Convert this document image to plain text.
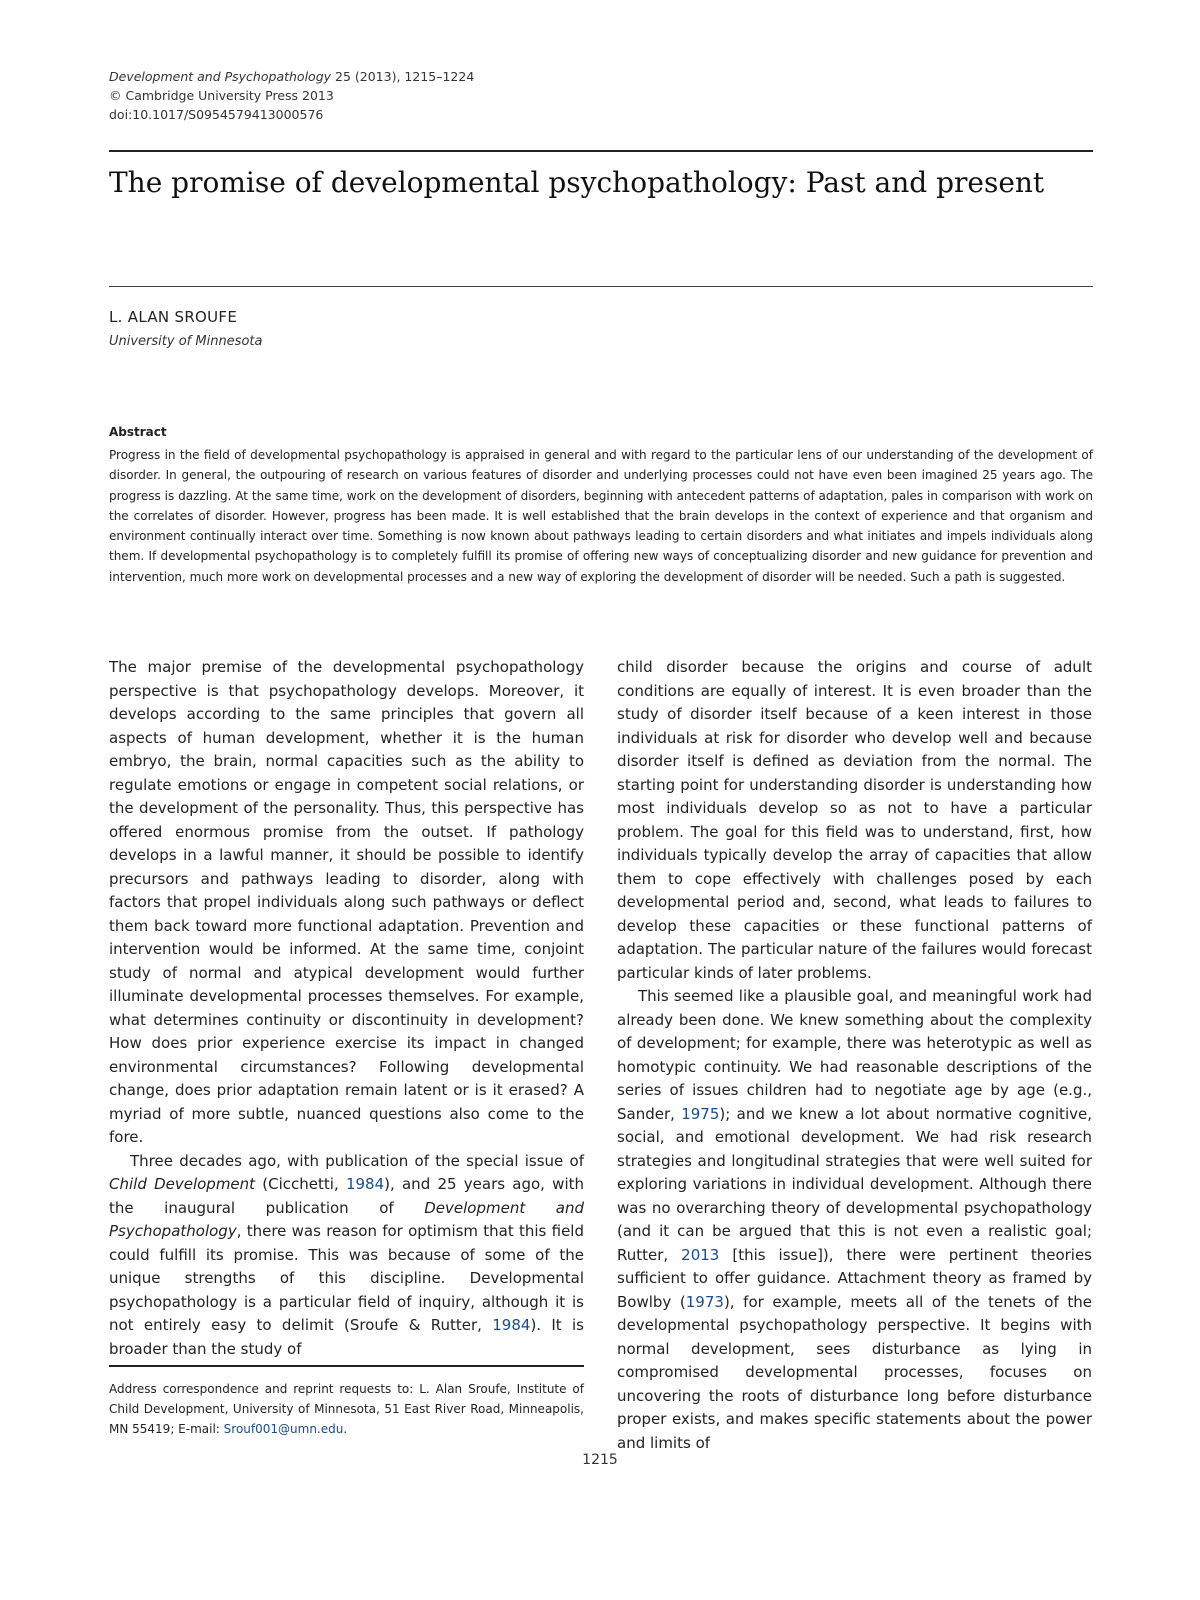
Development and Psychopathology 25 (2013), 1215–1224
© Cambridge University Press 2013
doi:10.1017/S0954579413000576
The promise of developmental psychopathology: Past and present
L. ALAN SROUFE
University of Minnesota
Abstract
Progress in the field of developmental psychopathology is appraised in general and with regard to the particular lens of our understanding of the development of disorder. In general, the outpouring of research on various features of disorder and underlying processes could not have even been imagined 25 years ago. The progress is dazzling. At the same time, work on the development of disorders, beginning with antecedent patterns of adaptation, pales in comparison with work on the correlates of disorder. However, progress has been made. It is well established that the brain develops in the context of experience and that organism and environment continually interact over time. Something is now known about pathways leading to certain disorders and what initiates and impels individuals along them. If developmental psychopathology is to completely fulfill its promise of offering new ways of conceptualizing disorder and new guidance for prevention and intervention, much more work on developmental processes and a new way of exploring the development of disorder will be needed. Such a path is suggested.

The major premise of the developmental psychopathology perspective is that psychopathology develops. Moreover, it develops according to the same principles that govern all aspects of human development, whether it is the human embryo, the brain, normal capacities such as the ability to regulate emotions or engage in competent social relations, or the development of the personality. Thus, this perspective has offered enormous promise from the outset. If pathology develops in a lawful manner, it should be possible to identify precursors and pathways leading to disorder, along with factors that propel individuals along such pathways or deflect them back toward more functional adaptation. Prevention and intervention would be informed. At the same time, conjoint study of normal and atypical development would further illuminate developmental processes themselves. For example, what determines continuity or discontinuity in development? How does prior experience exercise its impact in changed environmental circumstances? Following developmental change, does prior adaptation remain latent or is it erased? A myriad of more subtle, nuanced questions also come to the fore.

Three decades ago, with publication of the special issue of Child Development (Cicchetti, 1984), and 25 years ago, with the inaugural publication of Development and Psychopathology, there was reason for optimism that this field could fulfill its promise. This was because of some of the unique strengths of this discipline. Developmental psychopathology is a particular field of inquiry, although it is not entirely easy to delimit (Sroufe & Rutter, 1984). It is broader than the study of

child disorder because the origins and course of adult conditions are equally of interest. It is even broader than the study of disorder itself because of a keen interest in those individuals at risk for disorder who develop well and because disorder itself is defined as deviation from the normal. The starting point for understanding disorder is understanding how most individuals develop so as not to have a particular problem. The goal for this field was to understand, first, how individuals typically develop the array of capacities that allow them to cope effectively with challenges posed by each developmental period and, second, what leads to failures to develop these capacities or these functional patterns of adaptation. The particular nature of the failures would forecast particular kinds of later problems.

This seemed like a plausible goal, and meaningful work had already been done. We knew something about the complexity of development; for example, there was heterotypic as well as homotypic continuity. We had reasonable descriptions of the series of issues children had to negotiate age by age (e.g., Sander, 1975); and we knew a lot about normative cognitive, social, and emotional development. We had risk research strategies and longitudinal strategies that were well suited for exploring variations in individual development. Although there was no overarching theory of developmental psychopathology (and it can be argued that this is not even a realistic goal; Rutter, 2013 [this issue]), there were pertinent theories sufficient to offer guidance. Attachment theory as framed by Bowlby (1973), for example, meets all of the tenets of the developmental psychopathology perspective. It begins with normal development, sees disturbance as lying in compromised developmental processes, focuses on uncovering the roots of disturbance long before disturbance proper exists, and makes specific statements about the power and limits of

Address correspondence and reprint requests to: L. Alan Sroufe, Institute of Child Development, University of Minnesota, 51 East River Road, Minneapolis, MN 55419; E-mail: Srouf001@umn.edu.
1215
